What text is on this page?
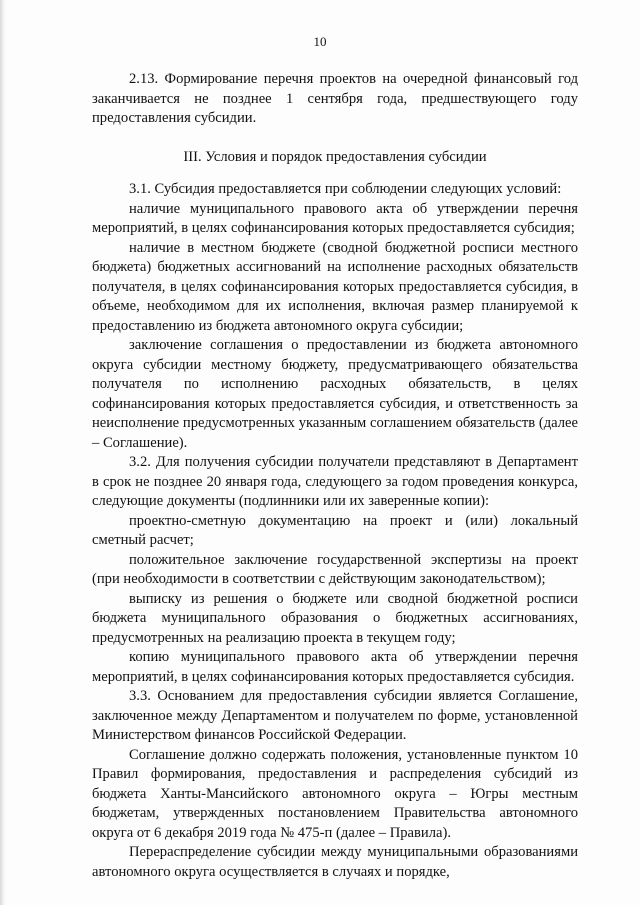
10

2.13. Формирование перечня проектов на очередной финансовый год заканчивается не позднее 1 сентября года, предшествующего году предоставления субсидии.

III. Условия и порядок предоставления субсидии

3.1. Субсидия предоставляется при соблюдении следующих условий:

наличие муниципального правового акта об утверждении перечня мероприятий, в целях софинансирования которых предоставляется субсидия;

наличие в местном бюджете (сводной бюджетной росписи местного бюджета) бюджетных ассигнований на исполнение расходных обязательств получателя, в целях софинансирования которых предоставляется субсидия, в объеме, необходимом для их исполнения, включая размер планируемой к предоставлению из бюджета автономного округа субсидии;

заключение соглашения о предоставлении из бюджета автономного округа субсидии местному бюджету, предусматривающего обязательства получателя по исполнению расходных обязательств, в целях софинансирования которых предоставляется субсидия, и ответственность за неисполнение предусмотренных указанным соглашением обязательств (далее – Соглашение).

3.2. Для получения субсидии получатели представляют в Департамент в срок не позднее 20 января года, следующего за годом проведения конкурса, следующие документы (подлинники или их заверенные копии):

проектно-сметную документацию на проект и (или) локальный сметный расчет;

положительное заключение государственной экспертизы на проект (при необходимости в соответствии с действующим законодательством);

выписку из решения о бюджете или сводной бюджетной росписи бюджета муниципального образования о бюджетных ассигнованиях, предусмотренных на реализацию проекта в текущем году;

копию муниципального правового акта об утверждении перечня мероприятий, в целях софинансирования которых предоставляется субсидия.

3.3. Основанием для предоставления субсидии является Соглашение, заключенное между Департаментом и получателем по форме, установленной Министерством финансов Российской Федерации.

Соглашение должно содержать положения, установленные пунктом 10 Правил формирования, предоставления и распределения субсидий из бюджета Ханты-Мансийского автономного округа – Югры местным бюджетам, утвержденных постановлением Правительства автономного округа от 6 декабря 2019 года № 475-п (далее – Правила).

Перераспределение субсидии между муниципальными образованиями автономного округа осуществляется в случаях и порядке,
